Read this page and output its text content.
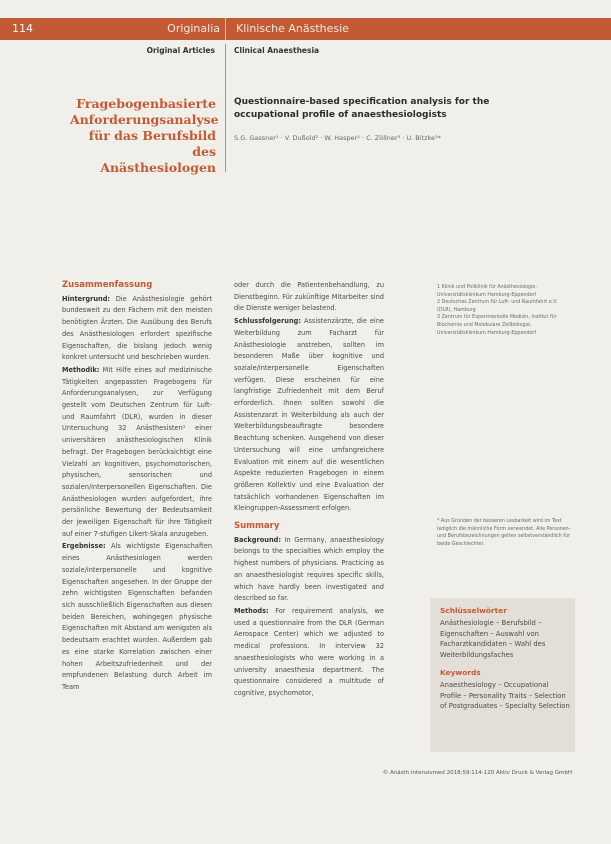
114	Originalia Klinische Anästhesie
Original Articles	Clinical Anaesthesia
Fragebogenbasierte
Anforderungsanalyse
für das Berufsbild des
Anästhesiologen
Questionnaire-based specification analysis for the
occupational profile of anaesthesiologists
S.G. Gassner¹ · V. Dußold² · W. Hasper² · C. Zöllner³ · U. Bitzke³*
Zusammenfassung

Hintergrund: Die Anästhesiologie gehört bundesweit zu den Fächern mit den meisten benötigten Ärzten. Die Ausübung des Berufs des Anästhesiologen erfordert spezifische Eigenschaften, die bislang jedoch wenig konkret untersucht und beschrieben wurden.

Methodik: Mit Hilfe eines auf medizinische Tätigkeiten angepassten Fragebogens für Anforderungsanalysen, zur Verfügung gestellt vom Deutschen Zentrum für Luft- und Raumfahrt (DLR), wurden in dieser Untersuchung 32 Anästhesisten¹ einer universitären anästhesiologischen Klinik befragt. Der Fragebogen berücksichtigt eine Vielzahl an kognitiven, psychomotorischen, physischen, sensorischen und sozialen/interpersonellen Eigenschaften. Die Anästhesiologen wurden aufgefordert, ihre persönliche Bewertung der Bedeutsamkeit der jeweiligen Eigenschaft für ihre Tätigkeit auf einer 7-stufigen Likert-Skala anzugeben.

Ergebnisse: Als wichtigste Eigenschaften eines Anästhesiologen werden soziale/interpersonelle und kognitive Eigenschaften angesehen. In der Gruppe der zehn wichtigsten Eigenschaften befanden sich ausschließlich Eigenschaften aus diesen beiden Bereichen, wohingegen physische Eigenschaften mit Abstand am wenigsten als bedeutsam erachtet wurden. Außerdem gab es eine starke Korrelation zwischen einer hohen Arbeitszufriedenheit und der empfundenen Belastung durch Arbeit im Team

oder durch die Patientenbehandlung, zu Dienstbeginn. Für zukünftige Mitarbeiter sind die Dienste weniger belastend.

Schlussfolgerung: Assistenzärzte, die eine Weiterbildung zum Facharzt für Anästhesiologie anstreben, sollten im besonderen Maße über kognitive und soziale/interpersonelle Eigenschaften verfügen. Diese erscheinen für eine langfristige Zufriedenheit mit dem Beruf erforderlich. Ihnen sollten sowohl die Assistenzarzt in Weiterbildung als auch der Weiterbildungsbeauftragte besondere Beachtung schenken. Ausgehend von dieser Untersuchung will eine umfangreichere Evaluation mit einem auf die wesentlichen Aspekte reduzierten Fragebogen in einem größeren Kollektiv und eine Evaluation der tatsächlich vorhandenen Eigenschaften im Kleingruppen-Assessment erfolgen.

Summary

Background: In Germany, anaesthesiology belongs to the specialties which employ the highest numbers of physicians. Practicing as an anaesthesiologist requires specific skills, which have hardly been investigated and described so far.

Methods: For requirement analysis, we used a questionnaire from the DLR (German Aerospace Center) which we adjusted to medical professions. In interview 32 anaesthesiologists who were working in a university anaesthesia department. The questionnaire considered a multitude of cognitive, psychomotor,

1 Klinik und Poliklinik für Anästhesiologie, Universitätsklinikum Hamburg-Eppendorf

2 Deutsches Zentrum für Luft- und Raumfahrt e.V. (DLR), Hamburg

3 Zentrum für Experimentelle Medizin, Institut für Biochemie und Molekulare Zellbiologie, Universitätsklinikum Hamburg-Eppendorf

* Aus Gründen der besseren Lesbarkeit wird im Text lediglich die männliche Form verwendet. Alle Personen- und Berufsbezeichnungen gelten selbstverständlich für beide Geschlechter.
Schlüsselwörter
Anästhesiologie – Berufsbild – Eigenschaften – Auswahl von Facharztkandidaten – Wahl des Weiterbildungsfaches
Keywords
Anaesthesiology – Occupational Profile – Personality Traits – Selection of Postgraduates – Specialty Selection
© Anästh Intensivmed 2018;59:114-120 Aktiv Druck & Verlag GmbH
